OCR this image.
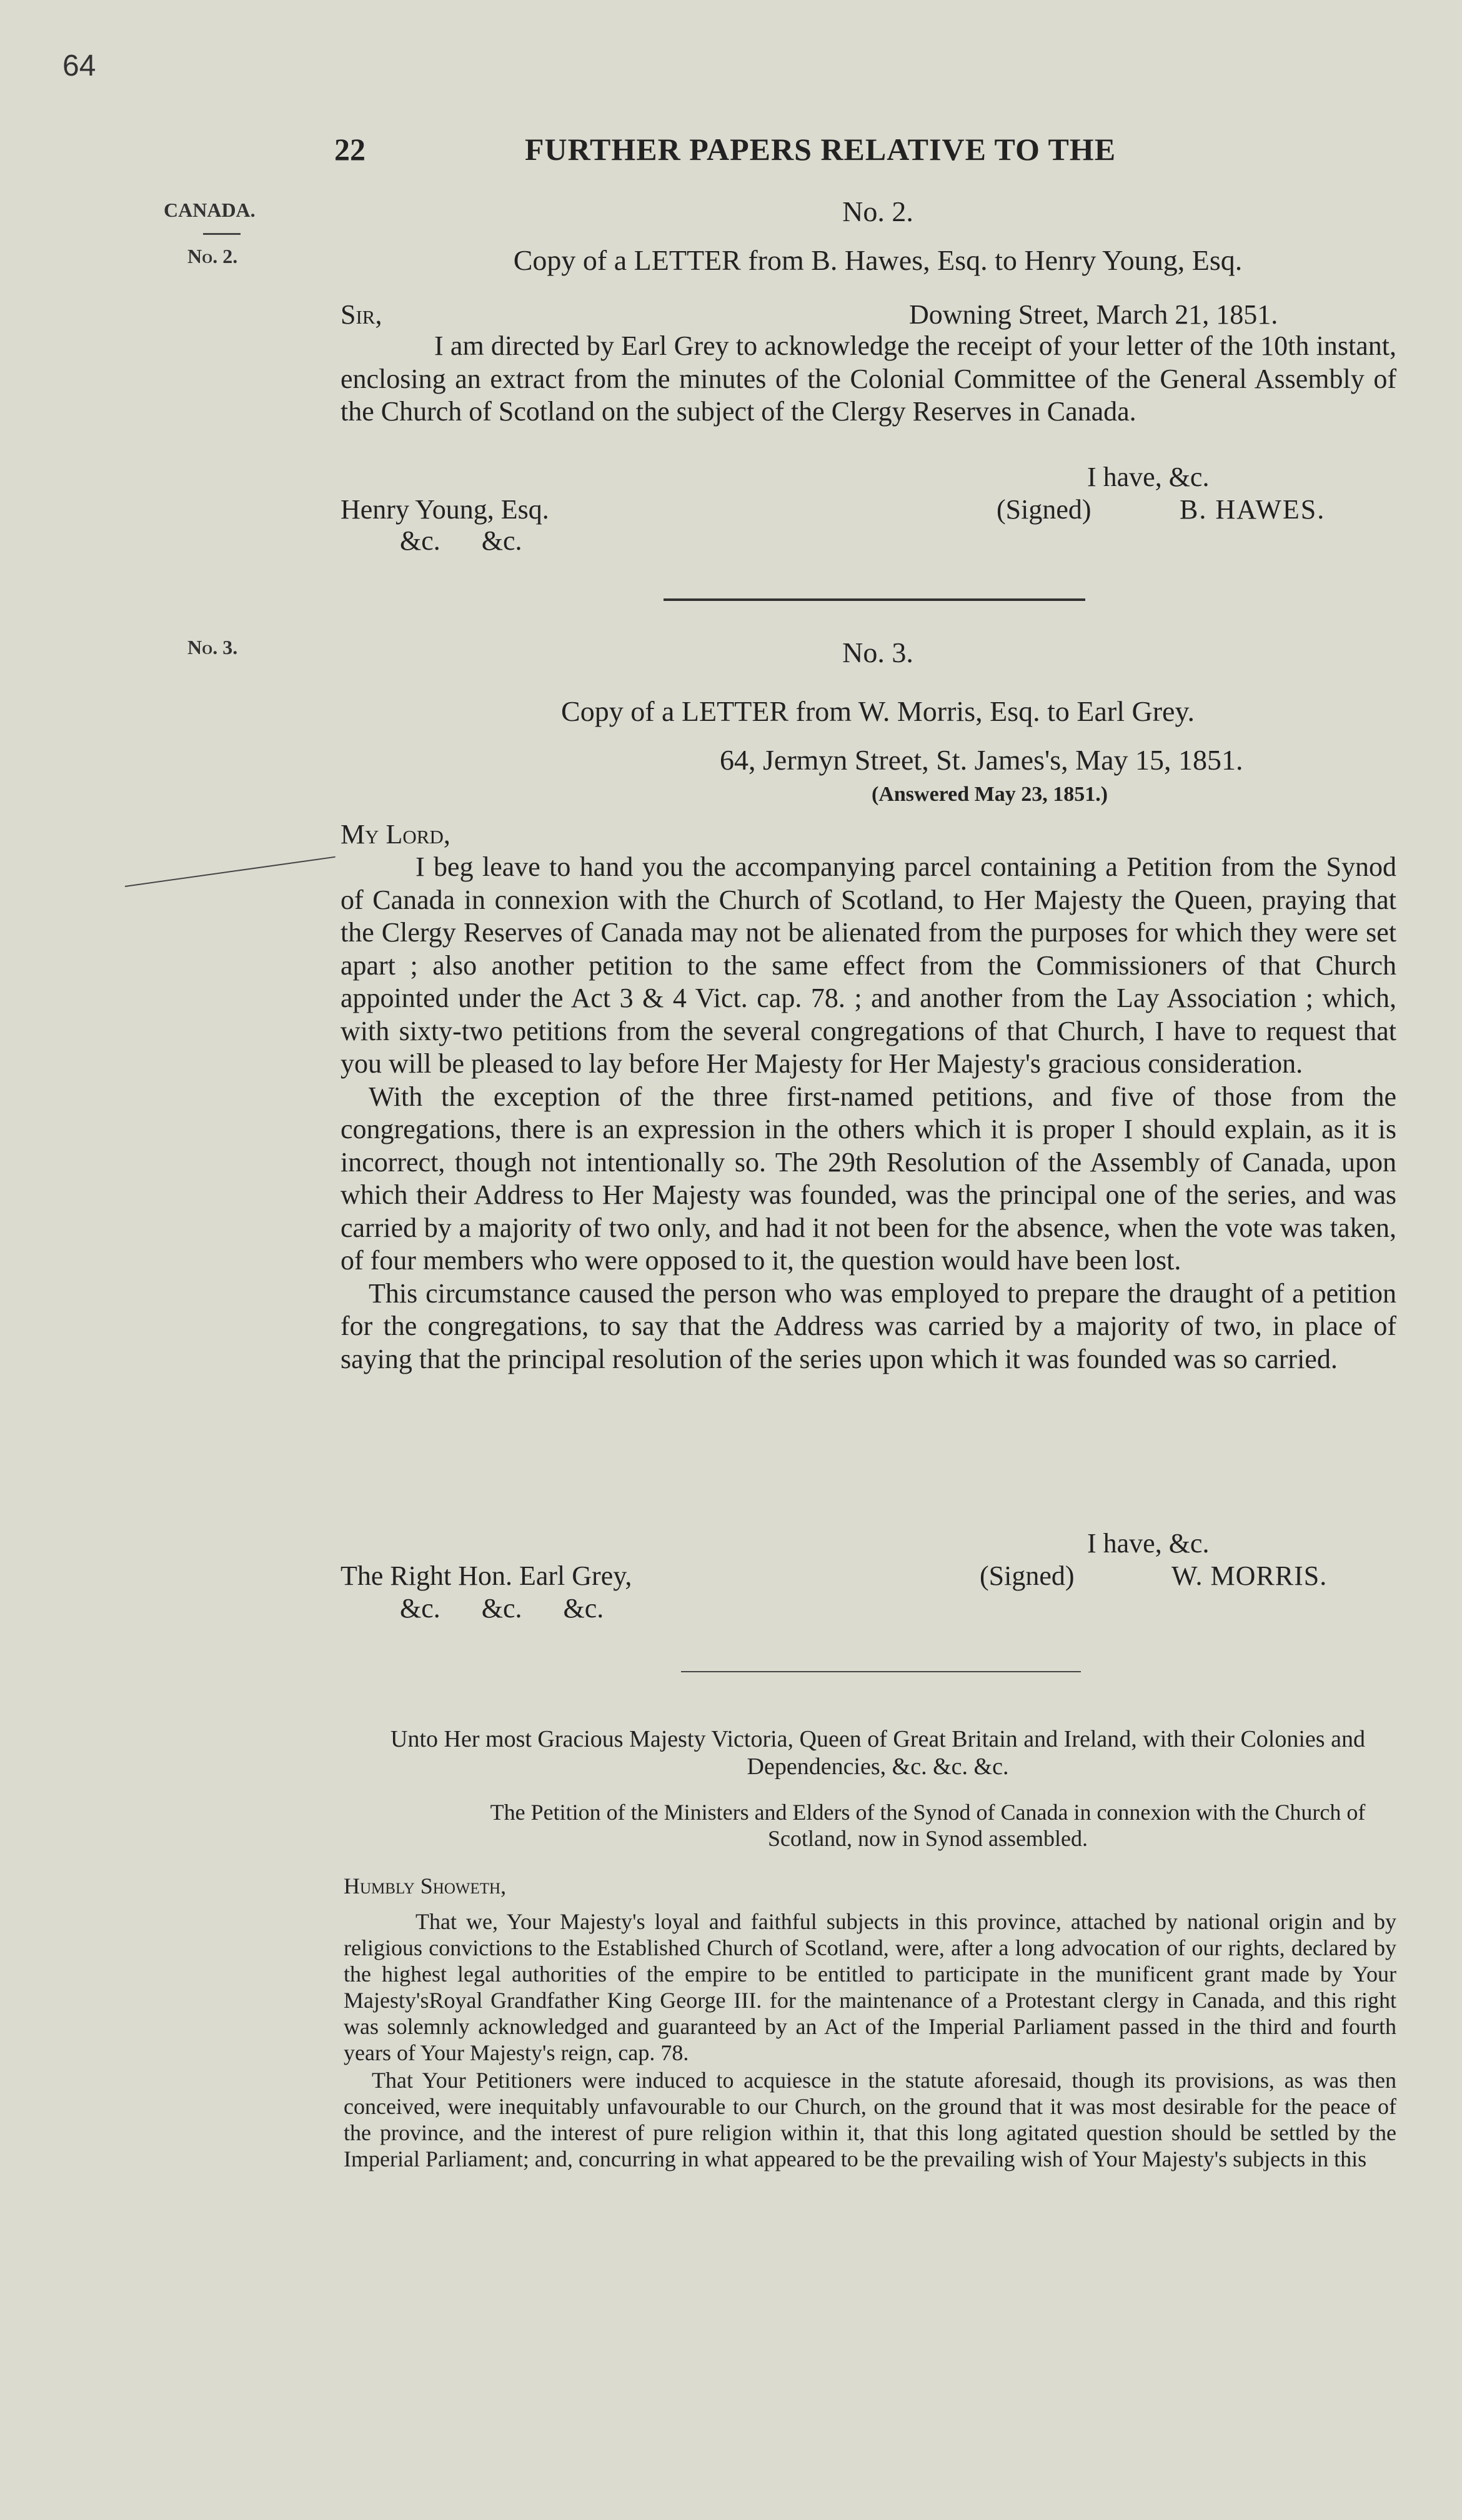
64
22	FURTHER PAPERS RELATIVE TO THE
CANADA.
No. 2.
No. 3.
No. 2.
Copy of a LETTER from B. Hawes, Esq. to Henry Young, Esq.
Sir,	Downing Street, March 21, 1851.
I am directed by Earl Grey to acknowledge the receipt of your letter of the 10th instant, enclosing an extract from the minutes of the Colonial Committee of the General Assembly of the Church of Scotland on the subject of the Clergy Reserves in Canada.
I have, &c.
Henry Young, Esq.	(Signed)	B. HAWES.
&c.      &c.
No. 3.
Copy of a LETTER from W. Morris, Esq. to Earl Grey.
64, Jermyn Street, St. James's, May 15, 1851.
(Answered May 23, 1851.)
My Lord,
I beg leave to hand you the accompanying parcel containing a Petition from the Synod of Canada in connexion with the Church of Scotland, to Her Majesty the Queen, praying that the Clergy Reserves of Canada may not be alienated from the purposes for which they were set apart ; also another petition to the same effect from the Commissioners of that Church appointed under the Act 3 & 4 Vict. cap. 78. ; and another from the Lay Association ; which, with sixty-two petitions from the several congregations of that Church, I have to request that you will be pleased to lay before Her Majesty for Her Majesty's gracious consideration.
With the exception of the three first-named petitions, and five of those from the congregations, there is an expression in the others which it is proper I should explain, as it is incorrect, though not intentionally so. The 29th Resolution of the Assembly of Canada, upon which their Address to Her Majesty was founded, was the principal one of the series, and was carried by a majority of two only, and had it not been for the absence, when the vote was taken, of four members who were opposed to it, the question would have been lost.
This circumstance caused the person who was employed to prepare the draught of a petition for the congregations, to say that the Address was carried by a majority of two, in place of saying that the principal resolution of the series upon which it was founded was so carried.
I have, &c.
The Right Hon. Earl Grey,	(Signed)	W. MORRIS.
&c.      &c.      &c.
Unto Her most Gracious Majesty Victoria, Queen of Great Britain and Ireland, with their Colonies and Dependencies, &c. &c. &c.
The Petition of the Ministers and Elders of the Synod of Canada in connexion with the Church of Scotland, now in Synod assembled.
Humbly Showeth,
That we, Your Majesty's loyal and faithful subjects in this province, attached by national origin and by religious convictions to the Established Church of Scotland, were, after a long advocation of our rights, declared by the highest legal authorities of the empire to be entitled to participate in the munificent grant made by Your Majesty'sRoyal Grandfather King George III. for the maintenance of a Protestant clergy in Canada, and this right was solemnly acknowledged and guaranteed by an Act of the Imperial Parliament passed in the third and fourth years of Your Majesty's reign, cap. 78.
That Your Petitioners were induced to acquiesce in the statute aforesaid, though its provisions, as was then conceived, were inequitably unfavourable to our Church, on the ground that it was most desirable for the peace of the province, and the interest of pure religion within it, that this long agitated question should be settled by the Imperial Parliament; and, concurring in what appeared to be the prevailing wish of Your Majesty's subjects in this
